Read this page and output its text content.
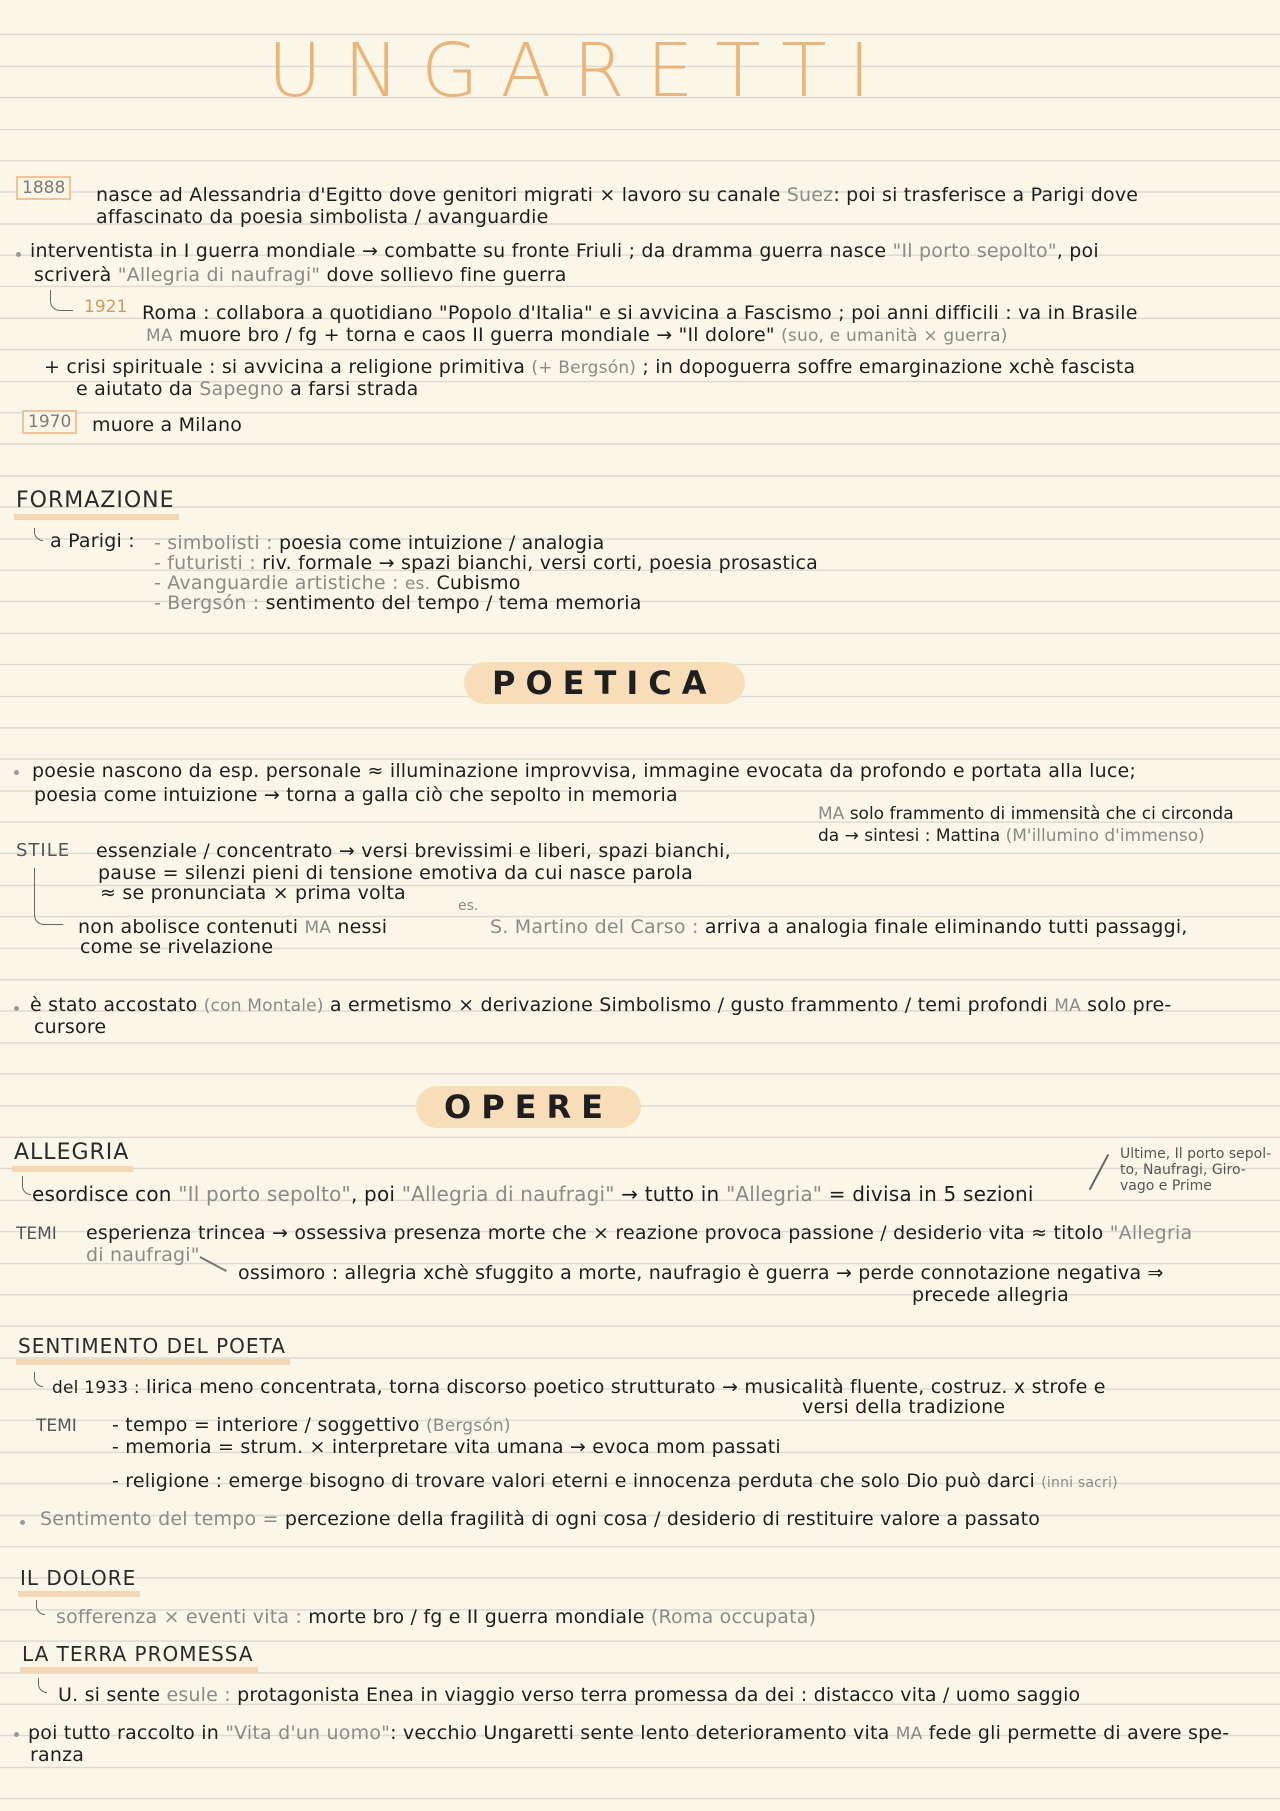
UNGARETTI
1888	nasce ad Alessandria d'Egitto dove genitori migrati × lavoro su canale Suez: poi si trasferisce a Parigi dove
affascinato da poesia simbolista / avanguardie
interventista in I guerra mondiale → combatte su fronte Friuli ; da dramma guerra nasce "Il porto sepolto", poi
scriverà "Allegria di naufragi" dove sollievo fine guerra
1921 Roma : collabora a quotidiano "Popolo d'Italia" e si avvicina a Fascismo ; poi anni difficili : va in Brasile
MA muore bro / fg + torna e caos II guerra mondiale → "Il dolore" (suo, e umanità × guerra)
+ crisi spirituale : si avvicina a religione primitiva (+ Bergsón) ; in dopoguerra soffre emarginazione xchè fascista
e aiutato da Sapegno a farsi strada
1970	muore a Milano
FORMAZIONE
a Parigi : - simbolisti : poesia come intuizione / analogia
- futuristi : riv. formale → spazi bianchi, versi corti, poesia prosastica
- Avanguardie artistiche : es. Cubismo
- Bergsón : sentimento del tempo / tema memoria
POETICA
poesie nascono da esp. personale ≈ illuminazione improvvisa, immagine evocata da profondo e portata alla luce;
poesia come intuizione → torna a galla ciò che sepolto in memoria
MA solo frammento di immensità che ci circonda
da → sintesi : Mattina (M'illumino d'immenso)
STILE essenziale / concentrato → versi brevissimi e liberi, spazi bianchi,
pause = silenzi pieni di tensione emotiva da cui nasce parola
≈ se pronunciata × prima volta
es.
non abolisce contenuti MA nessi	S. Martino del Carso : arriva a analogia finale eliminando tutti passaggi,
come se rivelazione
è stato accostato (con Montale) a ermetismo × derivazione Simbolismo / gusto frammento / temi profondi MA solo pre-
cursore
OPERE
ALLEGRIA
esordisce con "Il porto sepolto", poi "Allegria di naufragi" → tutto in "Allegria" = divisa in 5 sezioni
Ultime, Il porto sepol-
to, Naufragi, Giro-
vago e Prime
TEMI esperienza trincea → ossessiva presenza morte che × reazione provoca passione / desiderio vita ≈ titolo "Allegria
di naufragi"
ossimoro : allegria xchè sfuggito a morte, naufragio è guerra → perde connotazione negativa ⇒
precede allegria
SENTIMENTO DEL POETA
del 1933 : lirica meno concentrata, torna discorso poetico strutturato → musicalità fluente, costruz. x strofe e
versi della tradizione
TEMI - tempo = interiore / soggettivo (Bergsón)
- memoria = strum. × interpretare vita umana → evoca mom passati
- religione : emerge bisogno di trovare valori eterni e innocenza perduta che solo Dio può darci (inni sacri)
Sentimento del tempo = percezione della fragilità di ogni cosa / desiderio di restituire valore a passato
IL DOLORE
sofferenza × eventi vita : morte bro / fg e II guerra mondiale (Roma occupata)
LA TERRA PROMESSA
U. si sente esule : protagonista Enea in viaggio verso terra promessa da dei : distacco vita / uomo saggio
poi tutto raccolto in "Vita d'un uomo": vecchio Ungaretti sente lento deterioramento vita MA fede gli permette di avere spe-
ranza
